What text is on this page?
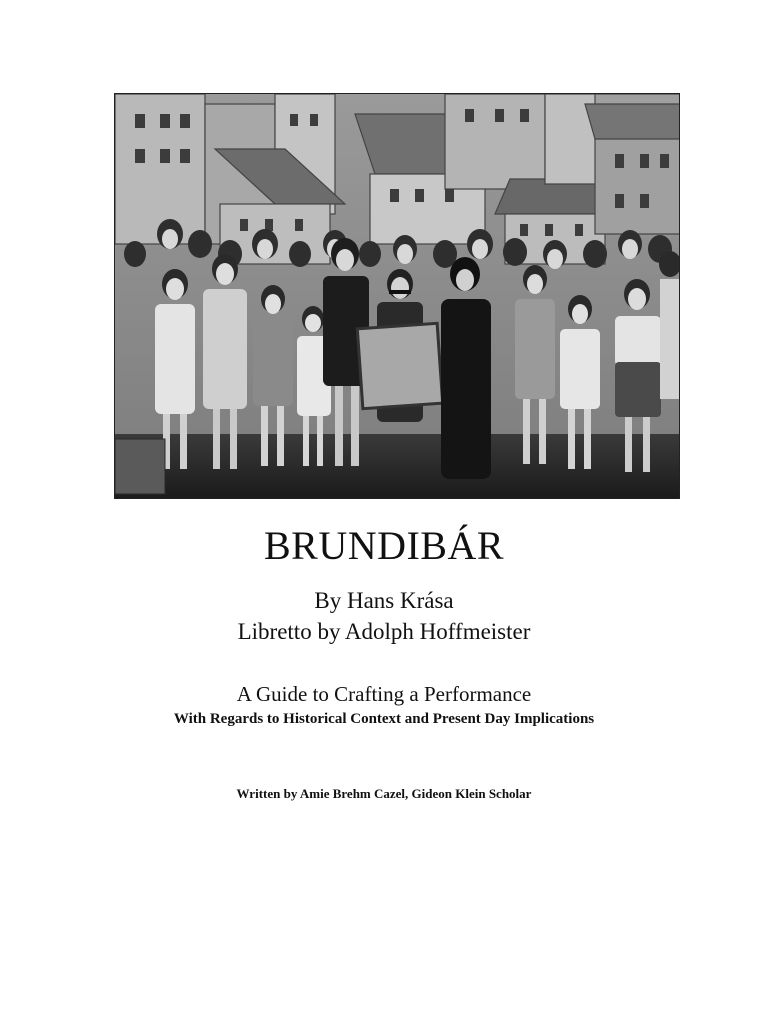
BRUNDIBÁR
By Hans Krása
Libretto by Adolph Hoffmeister
A Guide to Crafting a Performance
With Regards to Historical Context and Present Day Implications
Written by Amie Brehm Cazel, Gideon Klein Scholar
